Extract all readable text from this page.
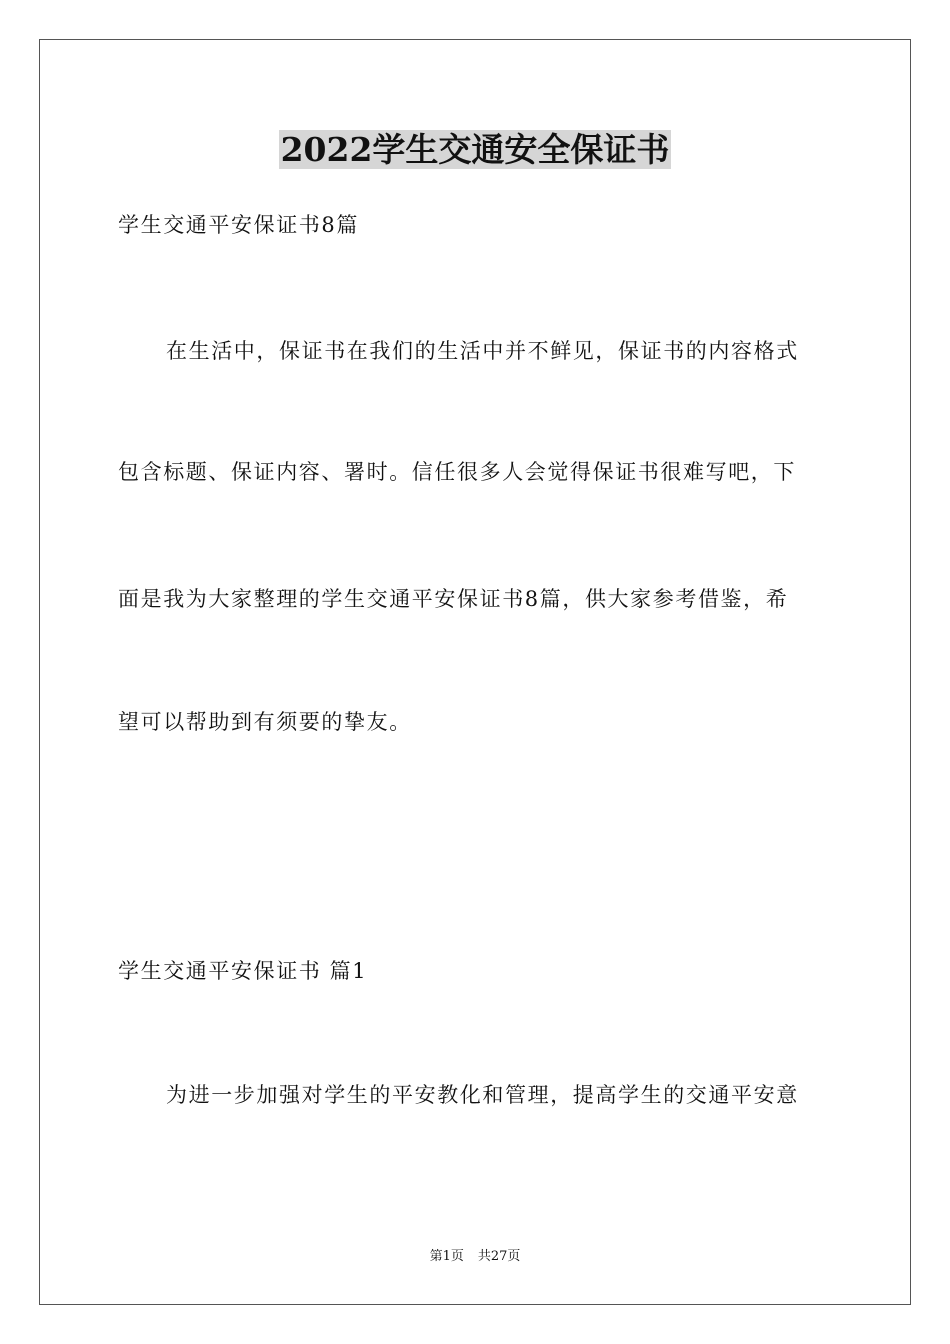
2022学生交通安全保证书
学生交通平安保证书8篇
在生活中，保证书在我们的生活中并不鲜见，保证书的内容格式
包含标题、保证内容、署时。信任很多人会觉得保证书很难写吧，下
面是我为大家整理的学生交通平安保证书8篇，供大家参考借鉴，希
望可以帮助到有须要的挚友。
学生交通平安保证书 篇1
为进一步加强对学生的平安教化和管理，提高学生的交通平安意
第1页 共27页
